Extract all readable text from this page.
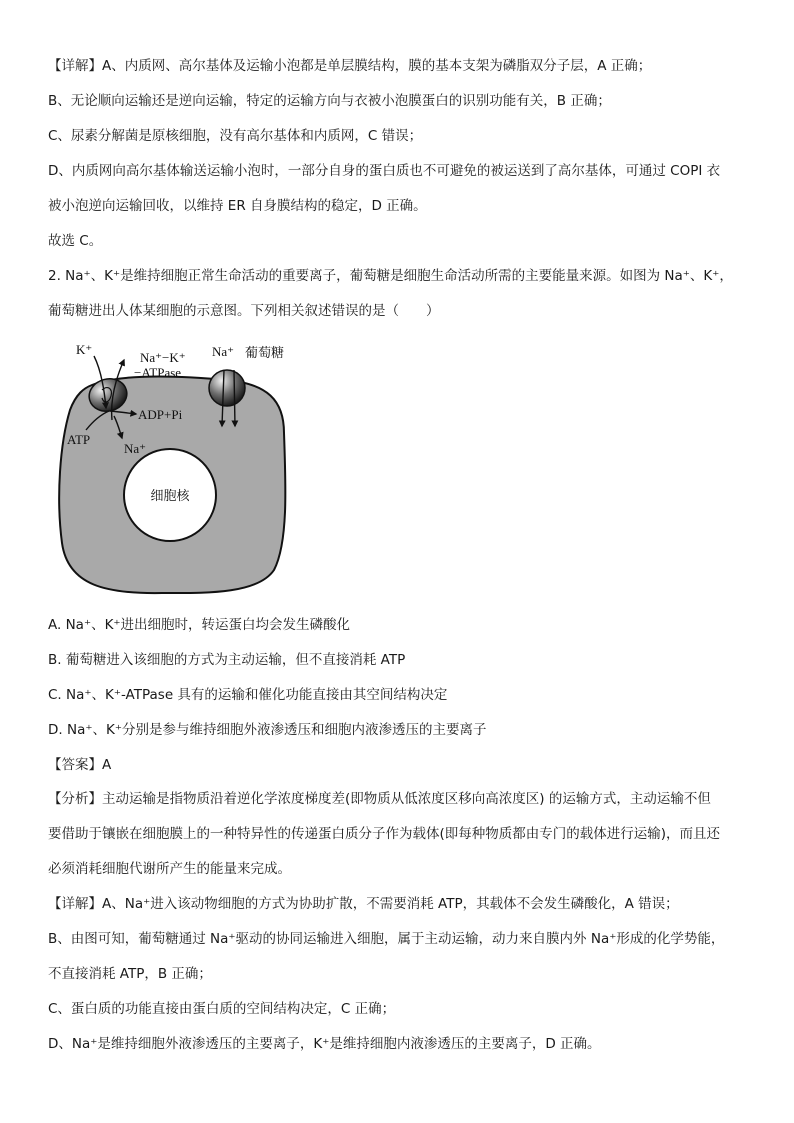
【详解】A、内质网、高尔基体及运输小泡都是单层膜结构，膜的基本支架为磷脂双分子层，A 正确；
B、无论顺向运输还是逆向运输，特定的运输方向与衣被小泡膜蛋白的识别功能有关，B 正确；
C、尿素分解菌是原核细胞，没有高尔基体和内质网，C 错误；
D、内质网向高尔基体输送运输小泡时，一部分自身的蛋白质也不可避免的被运送到了高尔基体，可通过 COPI 衣
被小泡逆向运输回收，以维持 ER 自身膜结构的稳定，D 正确。
故选 C。
2. Na⁺、K⁺是维持细胞正常生命活动的重要离子，葡萄糖是细胞生命活动所需的主要能量来源。如图为 Na⁺、K⁺，
葡萄糖进出人体某细胞的示意图。下列相关叙述错误的是（　　）
细胞核
K⁺
Na⁺−K⁺
−ATPase
Na⁺ 葡萄糖
ADP+Pi
ATP
Na⁺
A. Na⁺、K⁺进出细胞时，转运蛋白均会发生磷酸化
B. 葡萄糖进入该细胞的方式为主动运输，但不直接消耗 ATP
C. Na⁺、K⁺-ATPase 具有的运输和催化功能直接由其空间结构决定
D. Na⁺、K⁺分别是参与维持细胞外液渗透压和细胞内液渗透压的主要离子
【答案】A
【分析】主动运输是指物质沿着逆化学浓度梯度差(即物质从低浓度区移向高浓度区) 的运输方式，主动运输不但
要借助于镶嵌在细胞膜上的一种特异性的传递蛋白质分子作为载体(即每种物质都由专门的载体进行运输)，而且还
必须消耗细胞代谢所产生的能量来完成。
【详解】A、Na⁺进入该动物细胞的方式为协助扩散，不需要消耗 ATP，其载体不会发生磷酸化，A 错误；
B、由图可知，葡萄糖通过 Na⁺驱动的协同运输进入细胞，属于主动运输，动力来自膜内外 Na⁺形成的化学势能，
不直接消耗 ATP，B 正确；
C、蛋白质的功能直接由蛋白质的空间结构决定，C 正确；
D、Na⁺是维持细胞外液渗透压的主要离子，K⁺是维持细胞内液渗透压的主要离子，D 正确。
